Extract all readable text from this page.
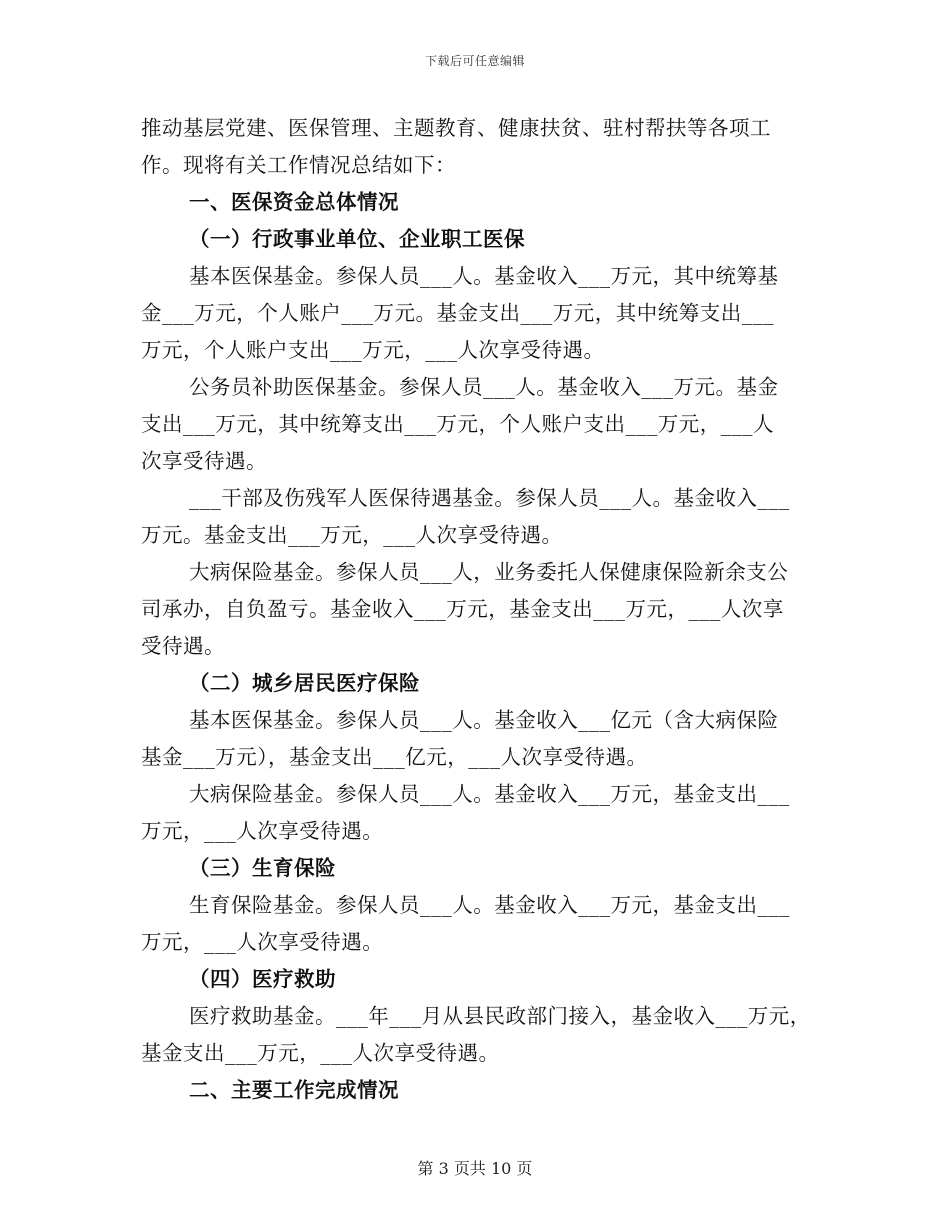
下载后可任意编辑
推动基层党建、医保管理、主题教育、健康扶贫、驻村帮扶等各项工
作。现将有关工作情况总结如下：
一、医保资金总体情况
（一）行政事业单位、企业职工医保
基本医保基金。参保人员___人。基金收入___万元，其中统筹基
金___万元，个人账户___万元。基金支出___万元，其中统筹支出___
万元，个人账户支出___万元，___人次享受待遇。
公务员补助医保基金。参保人员___人。基金收入___万元。基金
支出___万元，其中统筹支出___万元，个人账户支出___万元，___人
次享受待遇。
___干部及伤残军人医保待遇基金。参保人员___人。基金收入___
万元。基金支出___万元，___人次享受待遇。
大病保险基金。参保人员___人，业务委托人保健康保险新余支公
司承办，自负盈亏。基金收入___万元，基金支出___万元，___人次享
受待遇。
（二）城乡居民医疗保险
基本医保基金。参保人员___人。基金收入___亿元（含大病保险
基金___万元），基金支出___亿元，___人次享受待遇。
大病保险基金。参保人员___人。基金收入___万元，基金支出___
万元，___人次享受待遇。
（三）生育保险
生育保险基金。参保人员___人。基金收入___万元，基金支出___
万元，___人次享受待遇。
（四）医疗救助
医疗救助基金。___年___月从县民政部门接入，基金收入___万元，
基金支出___万元，___人次享受待遇。
二、主要工作完成情况
第 3 页共 10 页
